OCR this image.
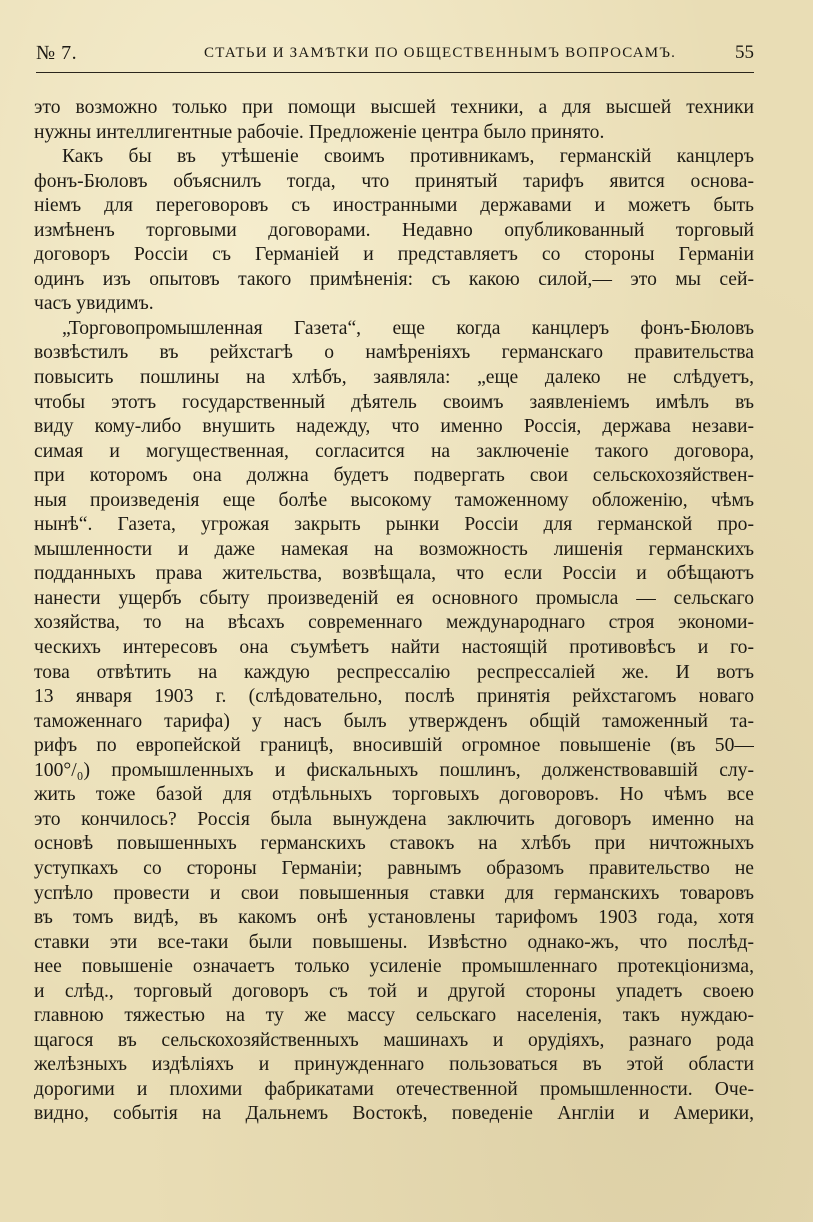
№ 7.	СТАТЬИ И ЗАМѢТКИ ПО ОБЩЕСТВЕННЫМЪ ВОПРОСАМЪ.	55
это возможно только при помощи высшей техники, а для высшей техники
нужны интеллигентные рабочіе. Предложеніе центра было принято.
Какъ бы въ утѣшеніе своимъ противникамъ, германскій канцлеръ
фонъ-Бюловъ объяснилъ тогда, что принятый тарифъ явится основа-
ніемъ для переговоровъ съ иностранными державами и можетъ быть
измѣненъ торговыми договорами. Недавно опубликованный торговый
договоръ Россіи съ Германіей и представляетъ со стороны Германіи
одинъ изъ опытовъ такого примѣненія: съ какою силой,— это мы сей-
часъ увидимъ.
„Торговопромышленная Газета“, еще когда канцлеръ фонъ-Бюловъ
возвѣстилъ въ рейхстагѣ о намѣреніяхъ германскаго правительства
повысить пошлины на хлѣбъ, заявляла: „еще далеко не слѣдуетъ,
чтобы этотъ государственный дѣятель своимъ заявленіемъ имѣлъ въ
виду кому-либо внушить надежду, что именно Россія, держава незави-
симая и могущественная, согласится на заключеніе такого договора,
при которомъ она должна будетъ подвергать свои сельскохозяйствен-
ныя произведенія еще болѣе высокому таможенному обложенію, чѣмъ
нынѣ“. Газета, угрожая закрыть рынки Россіи для германской про-
мышленности и даже намекая на возможность лишенія германскихъ
подданныхъ права жительства, возвѣщала, что если Россіи и обѣщаютъ
нанести ущербъ сбыту произведеній ея основного промысла — сельскаго
хозяйства, то на вѣсахъ современнаго международнаго строя экономи-
ческихъ интересовъ она съумѣетъ найти настоящій противовѣсъ и го-
това отвѣтить на каждую респрессалію респрессаліей же. И вотъ
13 января 1903 г. (слѣдовательно, послѣ принятія рейхстагомъ новаго
таможеннаго тарифа) у насъ былъ утвержденъ общій таможенный та-
рифъ по европейской границѣ, вносившій огромное повышеніе (въ 50—
100°/₀) промышленныхъ и фискальныхъ пошлинъ, долженствовавшій слу-
жить тоже базой для отдѣльныхъ торговыхъ договоровъ. Но чѣмъ все
это кончилось? Россія была вынуждена заключить договоръ именно на
основѣ повышенныхъ германскихъ ставокъ на хлѣбъ при ничтожныхъ
уступкахъ со стороны Германіи; равнымъ образомъ правительство не
успѣло провести и свои повышенныя ставки для германскихъ товаровъ
въ томъ видѣ, въ какомъ онѣ установлены тарифомъ 1903 года, хотя
ставки эти все-таки были повышены. Извѣстно однако-жъ, что послѣд-
нее повышеніе означаетъ только усиленіе промышленнаго протекціонизма,
и слѣд., торговый договоръ съ той и другой стороны упадетъ своею
главною тяжестью на ту же массу сельскаго населенія, такъ нуждаю-
щагося въ сельскохозяйственныхъ машинахъ и орудіяхъ, разнаго рода
желѣзныхъ издѣліяхъ и принужденнаго пользоваться въ этой области
дорогими и плохими фабрикатами отечественной промышленности. Оче-
видно, событія на Дальнемъ Востокѣ, поведеніе Англіи и Америки,
